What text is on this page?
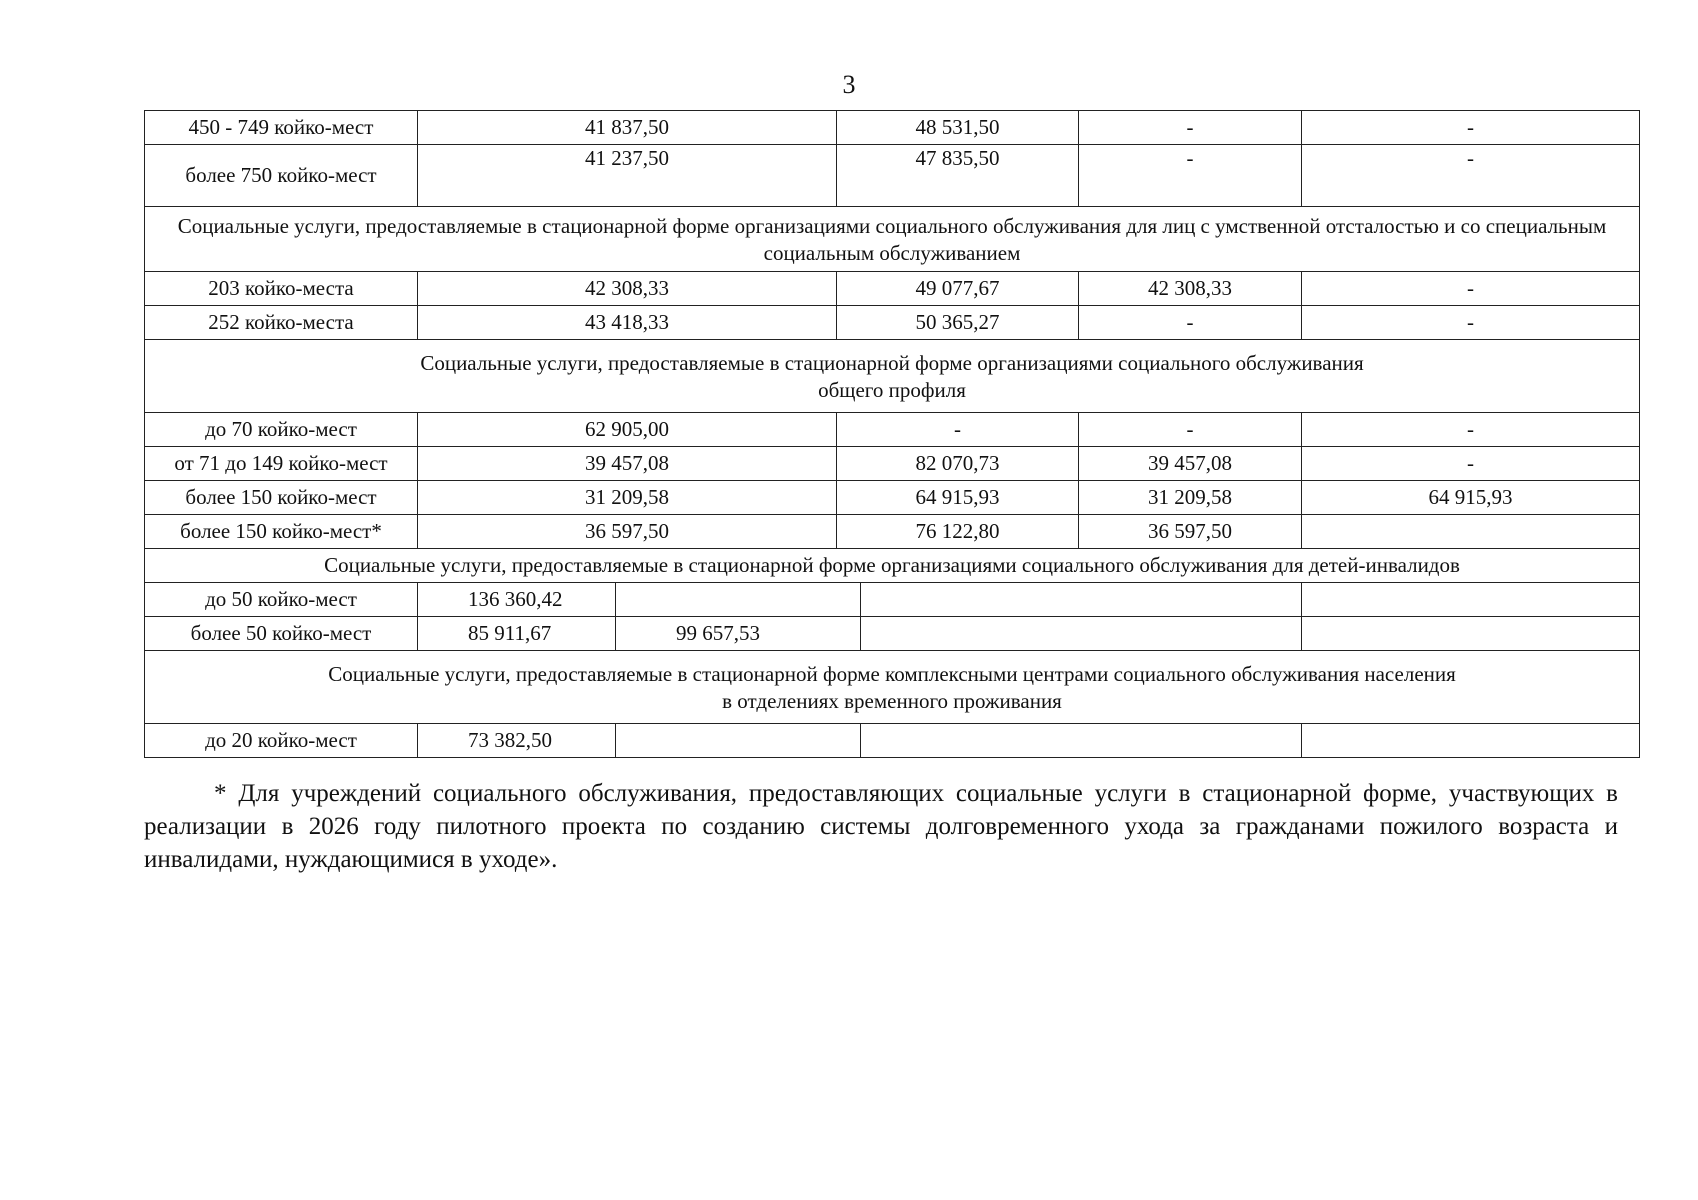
3
450 - 749 койко-мест	41 837,50		48 531,50		-	-
более 750 койко-мест	41 237,50		47 835,50		-	-
Социальные услуги, предоставляемые в стационарной форме организациями социального обслуживания для лиц с умственной отсталостью и со специальным социальным обслуживанием						
203 койко-места	42 308,33		49 077,67		42 308,33	-
252 койко-места	43 418,33		50 365,27		-	-

Социальные услуги, предоставляемые в стационарной форме организациями социального обслуживания
общего профиля						

до 70 койко-мест	62 905,00		-		-	-
от 71 до 149 койко-мест	39 457,08		82 070,73		39 457,08	-
более 150 койко-мест	31 209,58		64 915,93		31 209,58	64 915,93
более 150 койко-мест*	36 597,50		76 122,80		36 597,50	
Социальные услуги, предоставляемые в стационарной форме организациями социального обслуживания для детей-инвалидов						
до 50 койко-мест	136 360,42					
более 50 койко-мест	85 911,67	99 657,53				

Социальные услуги, предоставляемые в стационарной форме комплексными центрами социального обслуживания населения
в отделениях временного проживания						

до 20 койко-мест	73 382,50					
* Для учреждений социального обслуживания, предоставляющих социальные услуги в стационарной форме, участвующих в реализации в 2026 году пилотного проекта по созданию системы долговременного ухода за гражданами пожилого возраста и инвалидами, нуждающимися в уходе».
